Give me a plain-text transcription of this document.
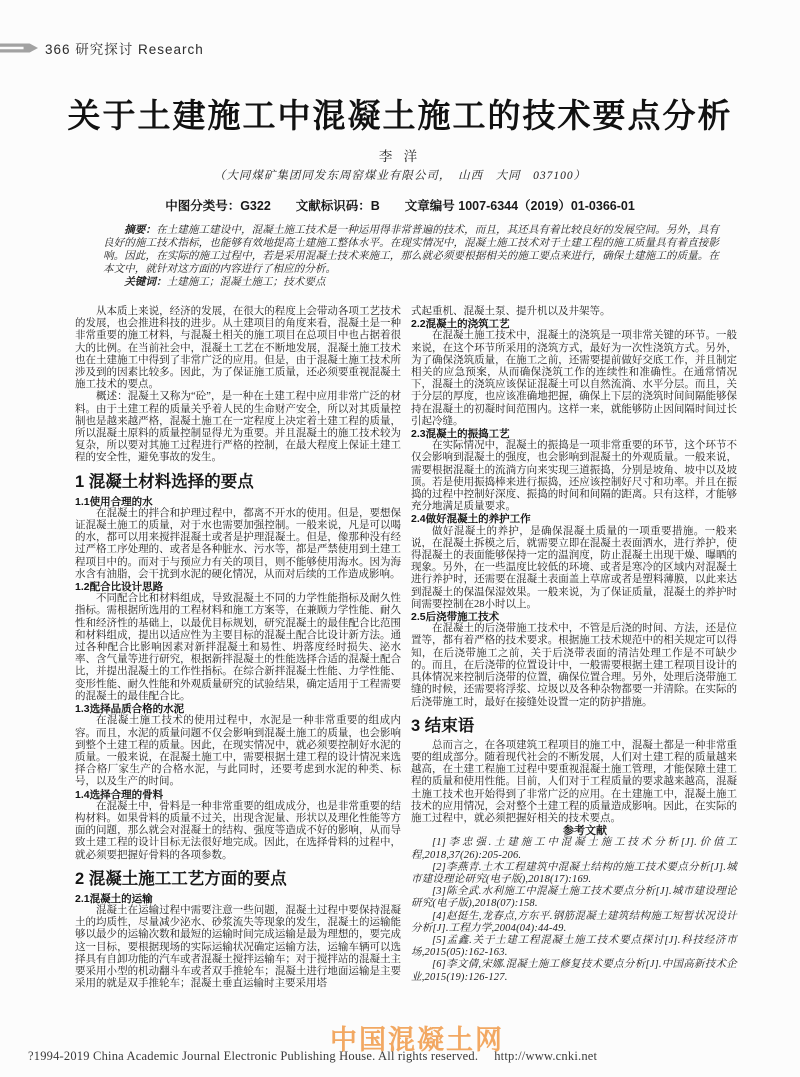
366 研究探讨 Research
关于土建施工中混凝土施工的技术要点分析
李 洋
（大同煤矿集团同发东周窑煤业有限公司，　山西　大同　037100）
中图分类号：G322　　文献标识码：B　　文章编号 1007-6344（2019）01-0366-01

摘要：在土建施工建设中，混凝土施工技术是一种运用得非常普遍的技术，而且，其还具有着比较良好的发展空间。另外，具有良好的施工技术指标，也能够有效地提高土建施工整体水平。在现实情况中，混凝土施工技术对于土建工程的施工质量具有着直接影响。因此，在实际的施工过程中，若是采用混凝土技术来施工，那么就必须要根据相关的施工要点来进行，确保土建施工的质量。在本文中，就针对这方面的内容进行了相应的分析。

关键词：土建施工；混凝土施工；技术要点

从本质上来说，经济的发展，在很大的程度上会带动各项工艺技术的发展，也会推进科技的进步。从土建项目的角度来看，混凝土是一种非常重要的施工材料，与混凝土相关的施工项目在总项目中也占据着很大的比例。在当前社会中，混凝土工艺在不断地发展，混凝土施工技术也在土建施工中得到了非常广泛的应用。但是，由于混凝土施工技术所涉及到的因素比较多。因此，为了保证施工质量，还必须要重视混凝土施工技术的要点。

概述：混凝土又称为“砼”，是一种在土建工程中应用非常广泛的材料。由于土建工程的质量关乎着人民的生命财产安全，所以对其质量控制也是越来越严格，混凝土施工在一定程度上决定着土建工程的质量，所以混凝土原料的质量控制显得尤为重要。并且混凝土的施工技术较为复杂，所以要对其施工过程进行严格的控制，在最大程度上保证土建工程的安全性，避免事故的发生。

1 混凝土材料选择的要点
1.1使用合理的水

在混凝土的拌合和护理过程中，都离不开水的使用。但是，要想保证混凝土施工的质量，对于水也需要加强控制。一般来说，凡是可以喝的水，都可以用来搅拌混凝土或者是护理混凝土。但是，像那种没有经过严格工序处理的、或者是各种脏水、污水等，都是严禁使用到土建工程项目中的。而对于与预应力有关的项目，则不能够使用海水。因为海水含有油脂，会干扰到水泥的硬化情况，从而对后续的工作造成影响。

1.2配合比设计思路

不同配合比和材料组成，导致混凝土不同的力学性能指标及耐久性指标。需根据所选用的工程材料和施工方案等，在兼顾力学性能、耐久性和经济性的基础上，以最优目标规划，研究混凝土的最佳配合比范围和材料组成，提出以适应性为主要目标的混凝土配合比设计新方法。通过各种配合比影响因素对新拌混凝土和易性、坍落度经时损失、泌水率、含气量等进行研究，根据新拌混凝土的性能选择合适的混凝土配合比，并提出混凝土的工作性指标。在综合新拌混凝土性能、力学性能、变形性能、耐久性能和外观质量研究的试验结果，确定适用于工程需要的混凝土的最佳配合比。

1.3选择品质合格的水泥

在混凝土施工技术的使用过程中，水泥是一种非常重要的组成内容。而且，水泥的质量问题不仅会影响到混凝土施工的质量，也会影响到整个土建工程的质量。因此，在现实情况中，就必须要控制好水泥的质量。一般来说，在混凝土施工中，需要根据土建工程的设计情况来选择合格厂家生产的合格水泥，与此同时，还要考虑到水泥的种类、标号，以及生产的时间。

1.4选择合理的骨料

在混凝土中，骨料是一种非常重要的组成成分，也是非常重要的结构材料。如果骨料的质量不过关，出现含泥量、形状以及理化性能等方面的问题，那么就会对混凝土的结构、强度等造成不好的影响，从而导致土建工程的设计目标无法很好地完成。因此，在选择骨料的过程中，就必须要把握好骨料的各项参数。

2 混凝土施工工艺方面的要点
2.1混凝土的运输

混凝土在运输过程中需要注意一些问题，混凝土过程中要保持混凝土的均质性，尽量减少泌水、砂浆流失等现象的发生，混凝土的运输能够以最少的运输次数和最短的运输时间完成运输是最为理想的，要完成这一目标，要根据现场的实际运输状况确定运输方法，运输车辆可以选择具有自卸功能的汽车或者混凝土搅拌运输车；对于搅拌站的混凝土主要采用小型的机动翻斗车或者双手推轮车；混凝土进行地面运输是主要采用的就是双手推轮车；混凝土垂直运输时主要采用塔

式起重机、混凝土泵、提升机以及井架等。

2.2混凝土的浇筑工艺

在混凝土施工技术中，混凝土的浇筑是一项非常关键的环节。一般来说，在这个环节所采用的浇筑方式，最好为一次性浇筑方式。另外，为了确保浇筑质量，在施工之前，还需要提前做好交底工作，并且制定相关的应急预案，从而确保浇筑工作的连续性和准确性。在通常情况下，混凝土的浇筑应该保证混凝土可以自然流淌、水平分层。而且，关于分层的厚度，也应该准确地把握，确保上下层的浇筑时间间隔能够保持在混凝土的初凝时间范围内。这样一来，就能够防止因间隔时间过长引起冷缝。

2.3混凝土的振捣工艺

在实际情况中，混凝土的振捣是一项非常重要的环节，这个环节不仅会影响到混凝土的强度，也会影响到混凝土的外观质量。一般来说，需要根据混凝土的流淌方向来实现三道振捣，分别是坡角、坡中以及坡顶。若是使用振捣棒来进行振捣，还应该控制好尺寸和功率。并且在振捣的过程中控制好深度、振捣的时间和间隔的距离。只有这样，才能够充分地满足质量要求。

2.4做好混凝土的养护工作

做好混凝土的养护，是确保混凝土质量的一项重要措施。一般来说，在混凝土拆模之后，就需要立即在混凝土表面洒水，进行养护，使得混凝土的表面能够保持一定的温润度，防止混凝土出现干燥、曝晒的现象。另外，在一些温度比较低的环境、或者是寒冷的区域内对混凝土进行养护时，还需要在混凝土表面盖上草席或者是塑料薄膜，以此来达到混凝土的保温保湿效果。一般来说，为了保证质量，混凝土的养护时间需要控制在28小时以上。

2.5后浇带施工技术

在混凝土的后浇带施工技术中，不管是后浇的时间、方法，还是位置等，都有着严格的技术要求。根据施工技术规范中的相关规定可以得知，在后浇带施工之前，关于后浇带表面的清洁处理工作是不可缺少的。而且，在后浇带的位置设计中，一般需要根据土建工程项目设计的具体情况来控制后浇带的位置，确保位置合理。另外，处理后浇带施工缝的时候，还需要将浮浆、垃圾以及各种杂物都要一并清除。在实际的后浇带施工时，最好在接缝处设置一定的防护措施。

3 结束语

总而言之，在各项建筑工程项目的施工中，混凝土都是一种非常重要的组成部分。随着现代社会的不断发展，人们对土建工程的质量越来越高，在土建工程施工过程中要重视混凝土施工管理，才能保障土建工程的质量和使用性能。目前，人们对于工程质量的要求越来越高，混凝土施工技术也开始得到了非常广泛的应用。在土建施工中，混凝土施工技术的应用情况，会对整个土建工程的质量造成影响。因此，在实际的施工过程中，就必须把握好相关的技术要点。

参考文献

[1]李忠强.土建施工中混凝土施工技术分析[J].价值工程,2018,37(26):205-206.

[2]李燕青.土木工程建筑中混凝土结构的施工技术要点分析[J].城市建设理论研究(电子版),2018(17):169.

[3]陈全武.水利施工中混凝土施工技术要点分析[J].城市建设理论研究(电子版),2018(07):158.

[4]赵挺生,龙春点,方东平.钢筋混凝土建筑结构施工短暂状况设计分析[J].工程力学,2004(04):44-49.

[5]孟鑫.关于土建工程混凝土施工技术要点探讨[J].科技经济市场,2015(05):162-163.

[6]李文倩,宋娜.混凝土施工修复技术要点分析[J].中国高新技术企业,2015(19):126-127.

中国混凝土网
?1994-2019 China Academic Journal Electronic Publishing House. All rights reserved.　 http://www.cnki.net
